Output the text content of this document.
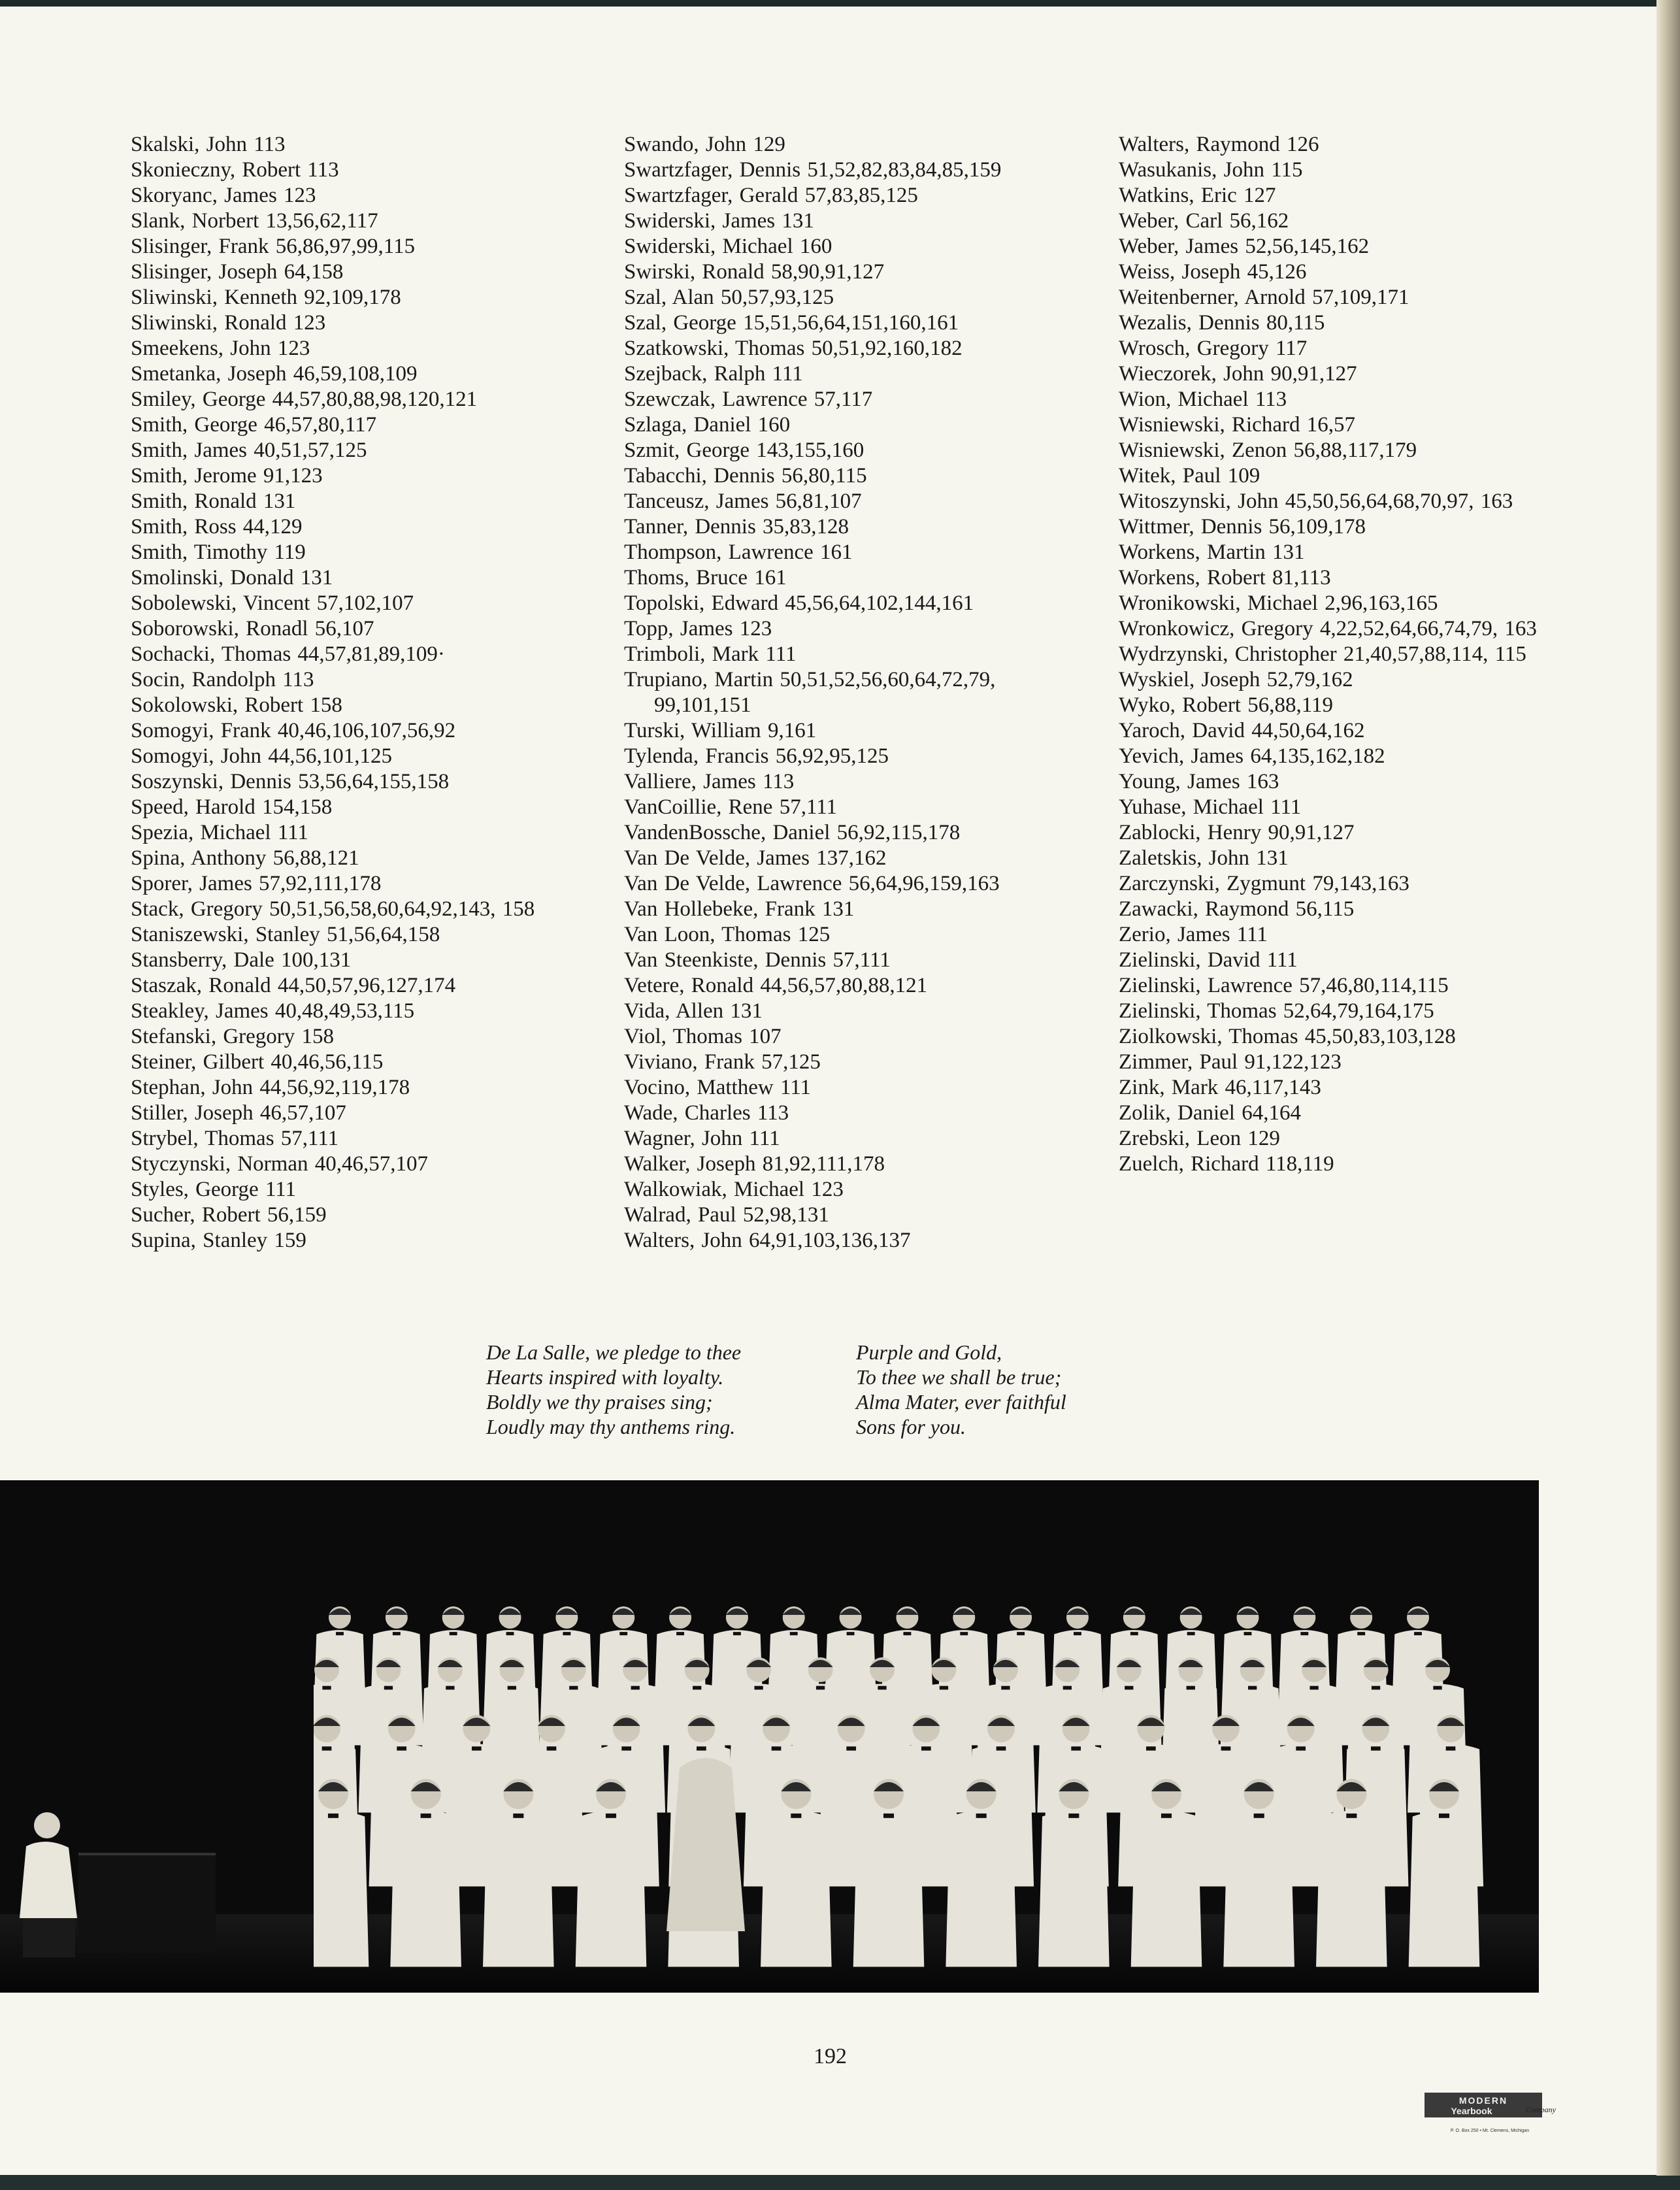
Skalski, John 113

Skonieczny, Robert 113

Skoryanc, James 123

Slank, Norbert 13,56,62,117

Slisinger, Frank 56,86,97,99,115

Slisinger, Joseph 64,158

Sliwinski, Kenneth 92,109,178

Sliwinski, Ronald 123

Smeekens, John 123

Smetanka, Joseph 46,59,108,109

Smiley, George 44,57,80,88,98,120,121

Smith, George 46,57,80,117

Smith, James 40,51,57,125

Smith, Jerome 91,123

Smith, Ronald 131

Smith, Ross 44,129

Smith, Timothy 119

Smolinski, Donald 131

Sobolewski, Vincent 57,102,107

Soborowski, Ronadl 56,107

Sochacki, Thomas 44,57,81,89,109·

Socin, Randolph 113

Sokolowski, Robert 158

Somogyi, Frank 40,46,106,107,56,92

Somogyi, John 44,56,101,125

Soszynski, Dennis 53,56,64,155,158

Speed, Harold 154,158

Spezia, Michael 111

Spina, Anthony 56,88,121

Sporer, James 57,92,111,178

Stack, Gregory 50,51,56,58,60,64,92,143, 158

Staniszewski, Stanley 51,56,64,158

Stansberry, Dale 100,131

Staszak, Ronald 44,50,57,96,127,174

Steakley, James 40,48,49,53,115

Stefanski, Gregory 158

Steiner, Gilbert 40,46,56,115

Stephan, John 44,56,92,119,178

Stiller, Joseph 46,57,107

Strybel, Thomas 57,111

Styczynski, Norman 40,46,57,107

Styles, George 111

Sucher, Robert 56,159

Supina, Stanley 159

Swando, John 129

Swartzfager, Dennis 51,52,82,83,84,85,159

Swartzfager, Gerald 57,83,85,125

Swiderski, James 131

Swiderski, Michael 160

Swirski, Ronald 58,90,91,127

Szal, Alan 50,57,93,125

Szal, George 15,51,56,64,151,160,161

Szatkowski, Thomas 50,51,92,160,182

Szejback, Ralph 111

Szewczak, Lawrence 57,117

Szlaga, Daniel 160

Szmit, George 143,155,160

Tabacchi, Dennis 56,80,115

Tanceusz, James 56,81,107

Tanner, Dennis 35,83,128

Thompson, Lawrence 161

Thoms, Bruce 161

Topolski, Edward 45,56,64,102,144,161

Topp, James 123

Trimboli, Mark 111

Trupiano, Martin 50,51,52,56,60,64,72,79, 99,101,151

Turski, William 9,161

Tylenda, Francis 56,92,95,125

Valliere, James 113

VanCoillie, Rene 57,111

VandenBossche, Daniel 56,92,115,178

Van De Velde, James 137,162

Van De Velde, Lawrence 56,64,96,159,163

Van Hollebeke, Frank 131

Van Loon, Thomas 125

Van Steenkiste, Dennis 57,111

Vetere, Ronald 44,56,57,80,88,121

Vida, Allen 131

Viol, Thomas 107

Viviano, Frank 57,125

Vocino, Matthew 111

Wade, Charles 113

Wagner, John 111

Walker, Joseph 81,92,111,178

Walkowiak, Michael 123

Walrad, Paul 52,98,131

Walters, John 64,91,103,136,137

Walters, Raymond 126

Wasukanis, John 115

Watkins, Eric 127

Weber, Carl 56,162

Weber, James 52,56,145,162

Weiss, Joseph 45,126

Weitenberner, Arnold 57,109,171

Wezalis, Dennis 80,115

Wrosch, Gregory 117

Wieczorek, John 90,91,127

Wion, Michael 113

Wisniewski, Richard 16,57

Wisniewski, Zenon 56,88,117,179

Witek, Paul 109

Witoszynski, John 45,50,56,64,68,70,97, 163

Wittmer, Dennis 56,109,178

Workens, Martin 131

Workens, Robert 81,113

Wronikowski, Michael 2,96,163,165

Wronkowicz, Gregory 4,22,52,64,66,74,79, 163

Wydrzynski, Christopher 21,40,57,88,114, 115

Wyskiel, Joseph 52,79,162

Wyko, Robert 56,88,119

Yaroch, David 44,50,64,162

Yevich, James 64,135,162,182

Young, James 163

Yuhase, Michael 111

Zablocki, Henry 90,91,127

Zaletskis, John 131

Zarczynski, Zygmunt 79,143,163

Zawacki, Raymond 56,115

Zerio, James 111

Zielinski, David 111

Zielinski, Lawrence 57,46,80,114,115

Zielinski, Thomas 52,64,79,164,175

Ziolkowski, Thomas 45,50,83,103,128

Zimmer, Paul 91,122,123

Zink, Mark 46,117,143

Zolik, Daniel 64,164

Zrebski, Leon 129

Zuelch, Richard 118,119

De La Salle, we pledge to thee
Hearts inspired with loyalty.
Boldly we thy praises sing;
Loudly may thy anthems ring.
Purple and Gold,
To thee we shall be true;
Alma Mater, ever faithful
Sons for you.
192
MODERN
Yearbook	Company
P. O. Box 250 • Mt. Clemens, Michigan
